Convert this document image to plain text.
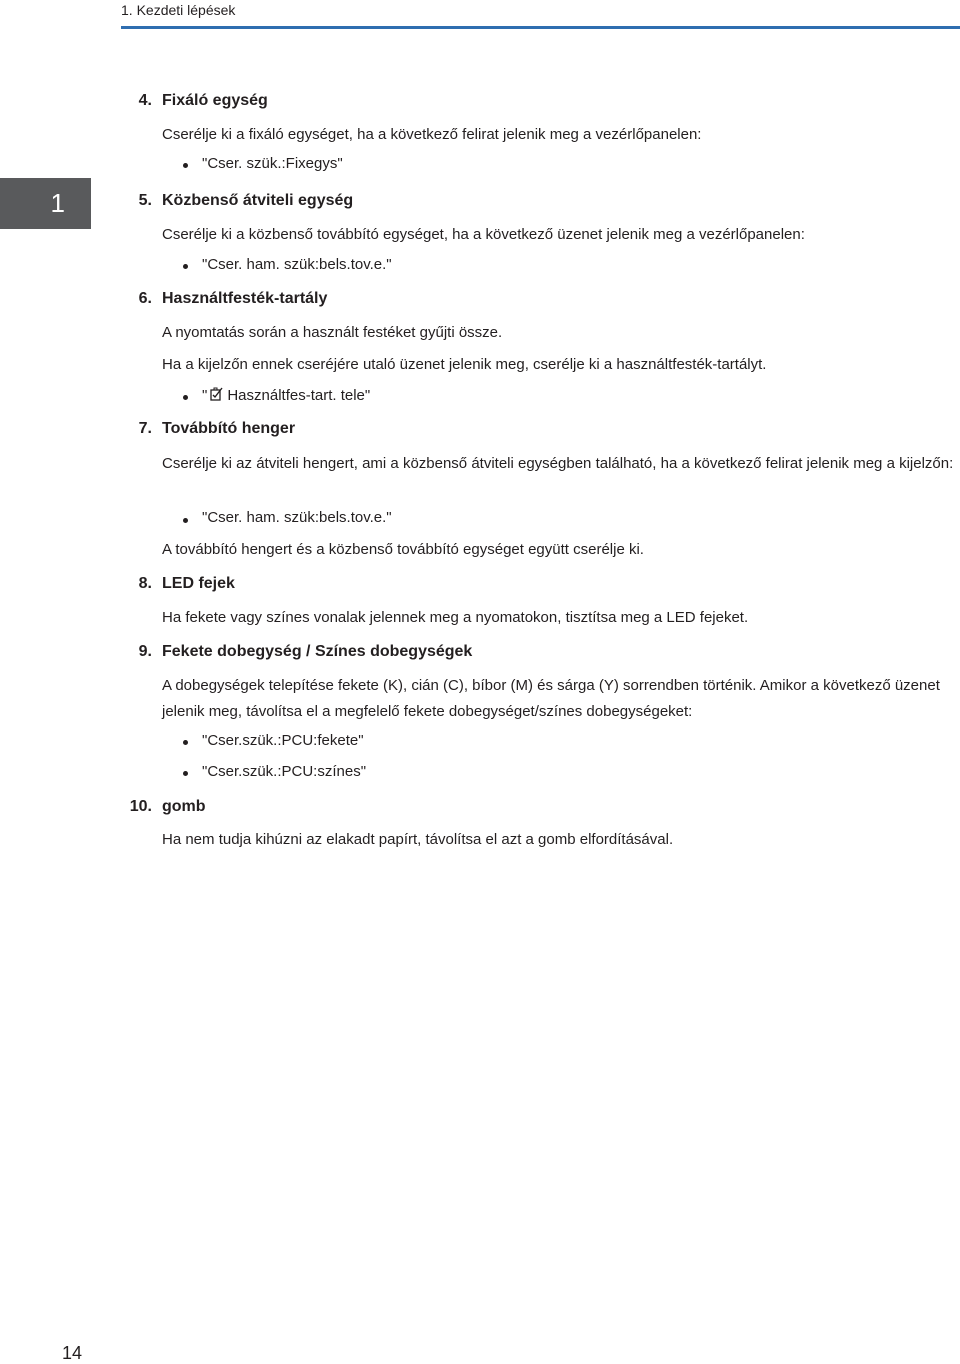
1. Kezdeti lépések
1
4. Fixáló egység
Cserélje ki a fixáló egységet, ha a következő felirat jelenik meg a vezérlőpanelen:
"Cser. szük.:Fixegys"
5. Közbenső átviteli egység
Cserélje ki a közbenső továbbító egységet, ha a következő üzenet jelenik meg a vezérlőpanelen:
"Cser. ham. szük:bels.tov.e."
6. Használtfesték-tartály
A nyomtatás során a használt festéket gyűjti össze.
Ha a kijelzőn ennek cseréjére utaló üzenet jelenik meg, cserélje ki a használtfesték-tartályt.
" Használtfes-tart. tele"
7. Továbbító henger
Cserélje ki az átviteli hengert, ami a közbenső átviteli egységben található, ha a következő felirat jelenik meg a kijelzőn:
"Cser. ham. szük:bels.tov.e."
A továbbító hengert és a közbenső továbbító egységet együtt cserélje ki.
8. LED fejek
Ha fekete vagy színes vonalak jelennek meg a nyomatokon, tisztítsa meg a LED fejeket.
9. Fekete dobegység / Színes dobegységek
A dobegységek telepítése fekete (K), cián (C), bíbor (M) és sárga (Y) sorrendben történik. Amikor a következő üzenet jelenik meg, távolítsa el a megfelelő fekete dobegységet/színes dobegységeket:
"Cser.szük.:PCU:fekete"
"Cser.szük.:PCU:színes"
10. gomb
Ha nem tudja kihúzni az elakadt papírt, távolítsa el azt a gomb elfordításával.
14
